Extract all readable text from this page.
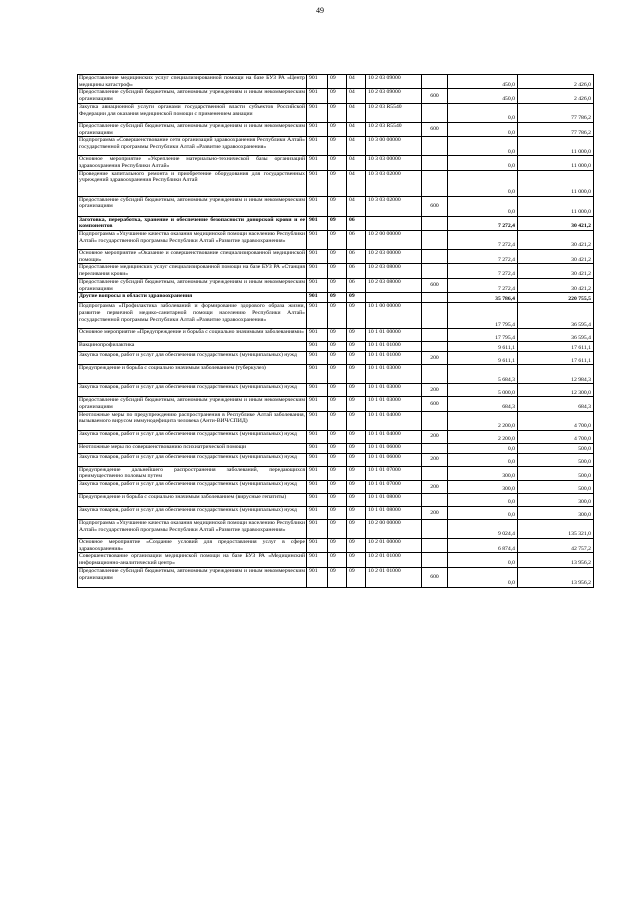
49
Предоставление медицинских услуг специализированной помощи на базе БУЗ РА «Центр медицины катастроф»	901	09	04	10 2 03 09000		450,0	2 426,0
Предоставление субсидий бюджетным, автономным учреждениям и иным некоммерческим организациям	901	09	04	10 2 03 09000	600	450,0	2 426,0
Закупка авиационной услуги органами государственной власти субъектов Российской Федерации для оказания медицинской помощи с применением авиации	901	09	04	10 2 03 R5540		0,0	77 786,2
Предоставление субсидий бюджетным, автономным учреждениям и иным некоммерческим организациям	901	09	04	10 2 03 R5540	600	0,0	77 786,2
Подпрограмма «Совершенствование сети организаций здравоохранения Республики Алтай» государственной программы Республики Алтай «Развитие здравоохранения»	901	09	04	10 3 00 00000		0,0	11 000,0
Основное мероприятие «Укрепление материально-технической базы организаций здравоохранения Республики Алтай»	901	09	04	10 3 03 00000		0,0	11 000,0
Проведение капитального ремонта и приобретение оборудования для государственных учреждений здравоохранения Республики Алтай	901	09	04	10 3 03 02000		0,0	11 000,0
Предоставление субсидий бюджетным, автономным учреждениям и иным некоммерческим организациям	901	09	04	10 3 03 02000	600	0,0	11 000,0
Заготовка, переработка, хранение и обеспечение безопасности донорской крови и ее компонентов	901	09	06			7 272,4	30 421,2
Подпрограмма «Улучшение качества оказания медицинской помощи населению Республики Алтай» государственной программы Республики Алтай «Развитие здравоохранения»	901	09	06	10 2 00 00000		7 272,4	30 421,2
Основное мероприятие «Оказание и совершенствование специализированной медицинской помощи»	901	09	06	10 2 03 00000		7 272,4	30 421,2
Предоставление медицинских услуг специализированной помощи на базе БУЗ РА «Станция переливания крови»	901	09	06	10 2 03 08000		7 272,4	30 421,2
Предоставление субсидий бюджетным, автономным учреждениям и иным некоммерческим организациям	901	09	06	10 2 03 08000	600	7 272,4	30 421,2
Другие вопросы в области здравоохранения	901	09	09			35 786,4	220 755,5
Подпрограмма «Профилактика заболеваний и формирование здорового образа жизни, развитие первичной медико-санитарной помощи населению Республики Алтай» государственной программы Республики Алтай «Развитие здравоохранения»	901	09	09	10 1 00 00000		17 795,4	36 595,4
Основное мероприятие «Предупреждение и борьба с социально значимыми заболеваниями»	901	09	09	10 1 01 00000		17 795,4	36 595,4
Вакцинопрофилактика	901	09	09	10 1 01 01000		9 611,1	17 611,1
Закупка товаров, работ и услуг для обеспечения государственных (муниципальных) нужд	901	09	09	10 1 01 01000	200	9 611,1	17 611,1
Предупреждение и борьба с социально значимым заболеванием (туберкулез)	901	09	09	10 1 01 03000		5 684,3	12 984,3
Закупка товаров, работ и услуг для обеспечения государственных (муниципальных) нужд	901	09	09	10 1 01 03000	200	5 000,0	12 300,0
Предоставление субсидий бюджетным, автономным учреждениям и иным некоммерческим организациям	901	09	09	10 1 01 03000	600	684,3	684,3
Неотложные меры по предупреждению распространения в Республике Алтай заболевания, вызываемого вирусом иммунодефицита человека (Анти-ВИЧ/СПИД)	901	09	09	10 1 01 04000		2 200,0	4 700,0
Закупка товаров, работ и услуг для обеспечения государственных (муниципальных) нужд	901	09	09	10 1 01 04000	200	2 200,0	4 700,0
Неотложные меры по совершенствованию психиатрической помощи	901	09	09	10 1 01 06000		0,0	500,0
Закупка товаров, работ и услуг для обеспечения государственных (муниципальных) нужд	901	09	09	10 1 01 06000	200	0,0	500,0
Предупреждение дальнейшего распространения заболеваний, передающихся преимущественно половым путем	901	09	09	10 1 01 07000		300,0	500,0
Закупка товаров, работ и услуг для обеспечения государственных (муниципальных) нужд	901	09	09	10 1 01 07000	200	300,0	500,0
Предупреждение и борьба с социально значимым заболеванием (вирусные гепатиты)	901	09	09	10 1 01 08000		0,0	300,0
Закупка товаров, работ и услуг для обеспечения государственных (муниципальных) нужд	901	09	09	10 1 01 08000	200	0,0	300,0
Подпрограмма «Улучшение качества оказания медицинской помощи населению Республики Алтай» государственной программы Республики Алтай «Развитие здравоохранения»	901	09	09	10 2 00 00000		9 024,4	135 321,0
Основное мероприятие «Создание условий для предоставления услуг в сфере здравоохранения»	901	09	09	10 2 01 00000		6 874,4	42 757,2
Совершенствование организации медицинской помощи на базе БУЗ РА «Медицинский информационно-аналитический центр»	901	09	09	10 2 01 01000		0,0	13 956,2
Предоставление субсидий бюджетным, автономным учреждениям и иным некоммерческим организациям	901	09	09	10 2 01 01000	600	0,0	13 956,2
